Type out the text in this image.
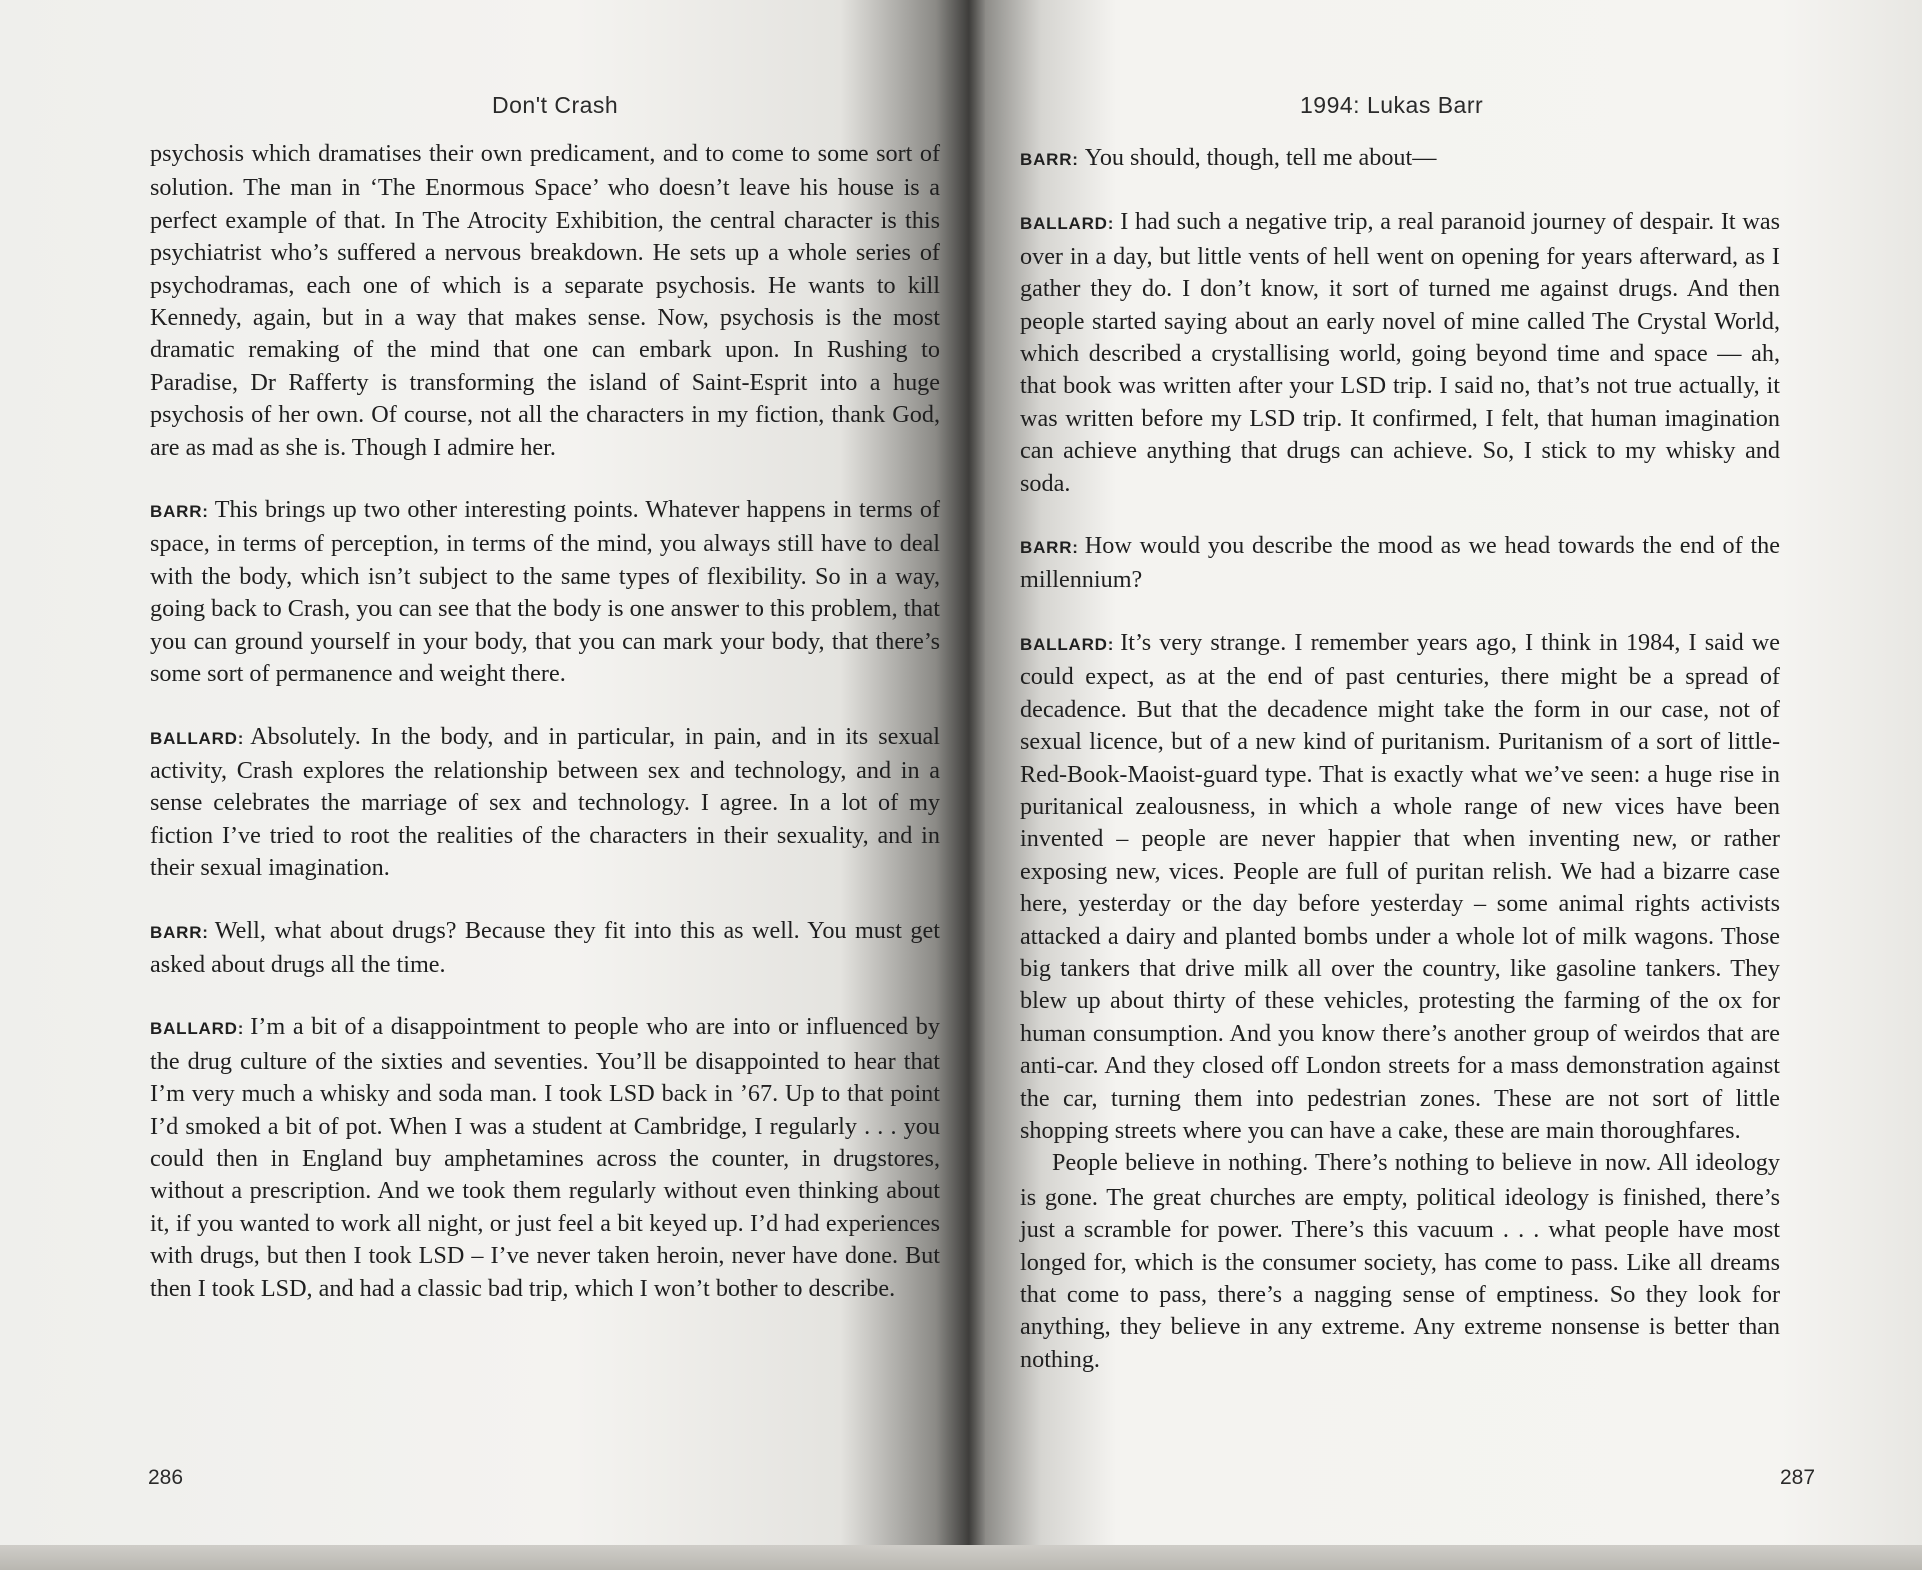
Don't Crash

psychosis which dramatises their own predicament, and to come to some sort of solution. The man in ‘The Enormous Space’ who doesn’t leave his house is a perfect example of that. In The Atrocity Exhibition, the central character is this psychiatrist who’s suffered a nervous breakdown. He sets up a whole series of psychodramas, each one of which is a separate psychosis. He wants to kill Kennedy, again, but in a way that makes sense. Now, psychosis is the most dramatic remaking of the mind that one can embark upon. In Rushing to Paradise, Dr Rafferty is transforming the island of Saint-Esprit into a huge psychosis of her own. Of course, not all the characters in my fiction, thank God, are as mad as she is. Though I admire her.

BARR: This brings up two other interesting points. Whatever happens in terms of space, in terms of perception, in terms of the mind, you always still have to deal with the body, which isn’t subject to the same types of flexibility. So in a way, going back to Crash, you can see that the body is one answer to this problem, that you can ground yourself in your body, that you can mark your body, that there’s some sort of permanence and weight there.

BALLARD: Absolutely. In the body, and in particular, in pain, and in its sexual activity, Crash explores the relationship between sex and technology, and in a sense celebrates the marriage of sex and technology. I agree. In a lot of my fiction I’ve tried to root the realities of the characters in their sexuality, and in their sexual imagination.

BARR: Well, what about drugs? Because they fit into this as well. You must get asked about drugs all the time.

BALLARD: I’m a bit of a disappointment to people who are into or influenced by the drug culture of the sixties and seventies. You’ll be disappointed to hear that I’m very much a whisky and soda man. I took LSD back in ’67. Up to that point I’d smoked a bit of pot. When I was a student at Cambridge, I regularly . . . you could then in England buy amphetamines across the counter, in drugstores, without a prescription. And we took them regularly without even thinking about it, if you wanted to work all night, or just feel a bit keyed up. I’d had experiences with drugs, but then I took LSD – I’ve never taken heroin, never have done. But then I took LSD, and had a classic bad trip, which I won’t bother to describe.

286
1994: Lukas Barr

BARR: You should, though, tell me about—

BALLARD: I had such a negative trip, a real paranoid journey of despair. It was over in a day, but little vents of hell went on opening for years afterward, as I gather they do. I don’t know, it sort of turned me against drugs. And then people started saying about an early novel of mine called The Crystal World, which described a crystallising world, going beyond time and space — ah, that book was written after your LSD trip. I said no, that’s not true actually, it was written before my LSD trip. It confirmed, I felt, that human imagination can achieve anything that drugs can achieve. So, I stick to my whisky and soda.

BARR: How would you describe the mood as we head towards the end of the millennium?

BALLARD: It’s very strange. I remember years ago, I think in 1984, I said we could expect, as at the end of past centuries, there might be a spread of decadence. But that the decadence might take the form in our case, not of sexual licence, but of a new kind of puritanism. Puritanism of a sort of little-Red-Book-Maoist-guard type. That is exactly what we’ve seen: a huge rise in puritanical zealousness, in which a whole range of new vices have been invented – people are never happier that when inventing new, or rather exposing new, vices. People are full of puritan relish. We had a bizarre case here, yesterday or the day before yesterday – some animal rights activists attacked a dairy and planted bombs under a whole lot of milk wagons. Those big tankers that drive milk all over the country, like gasoline tankers. They blew up about thirty of these vehicles, protesting the farming of the ox for human consumption. And you know there’s another group of weirdos that are anti-car. And they closed off London streets for a mass demonstration against the car, turning them into pedestrian zones. These are not sort of little shopping streets where you can have a cake, these are main thoroughfares.

People believe in nothing. There’s nothing to believe in now. All ideology is gone. The great churches are empty, political ideology is finished, there’s just a scramble for power. There’s this vacuum . . . what people have most longed for, which is the consumer society, has come to pass. Like all dreams that come to pass, there’s a nagging sense of emptiness. So they look for anything, they believe in any extreme. Any extreme nonsense is better than nothing.

287
